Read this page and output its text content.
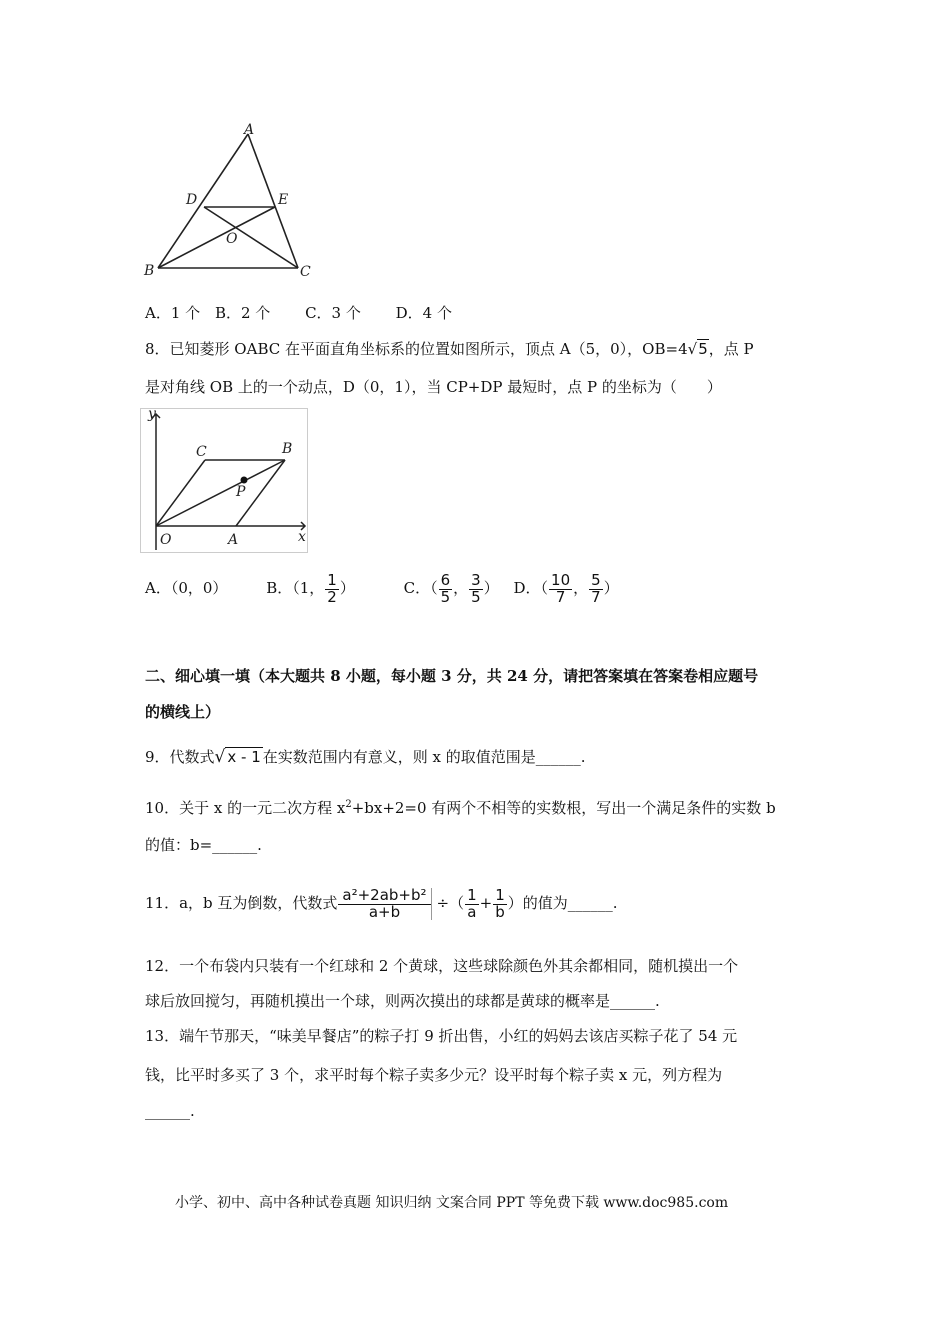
A
D	E
O
B	C
A．1 个 B．2 个 C．3 个 D．4 个
8．已知菱形 OABC 在平面直角坐标系的位置如图所示，顶点 A（5，0），OB=4√5，点 P
是对角线 OB 上的一个动点，D（0，1），当 CP+DP 最短时，点 P 的坐标为（　　）
y
x
O	A
C	B
P
A．（0，0）	B．（1， $\frac{1}{2}$ ）	C．（ $\frac{6}{5}$ ， $\frac{3}{5}$ ） D．（ $\frac{10}{7}$ ， $\frac{5}{7}$ ）
二、细心填一填（本大题共 8 小题，每小题 3 分，共 24 分，请把答案填在答案卷相应题号
的横线上）
9．代数式√ x - 1 在实数范围内有意义，则 x 的取值范围是______.
10．关于 x 的一元二次方程 $x^2+bx+2=0$ 有两个不相等的实数根，写出一个满足条件的实数 b
的值：b=______.
11．a，b 互为倒数，代数式 $\frac{\text{a²+2ab+b²}}{a+b}$ ÷（ $\frac{1}{a} + \frac{1}{b}$ ）的值为______.
12．一个布袋内只装有一个红球和 2 个黄球，这些球除颜色外其余都相同，随机摸出一个
球后放回搅匀，再随机摸出一个球，则两次摸出的球都是黄球的概率是______.
13．端午节那天，“味美早餐店”的粽子打 9 折出售，小红的妈妈去该店买粽子花了 54 元
钱，比平时多买了 3 个，求平时每个粽子卖多少元？设平时每个粽子卖 x 元，列方程为
______.
小学、初中、高中各种试卷真题 知识归纳 文案合同 PPT 等免费下载 www.doc985.com
